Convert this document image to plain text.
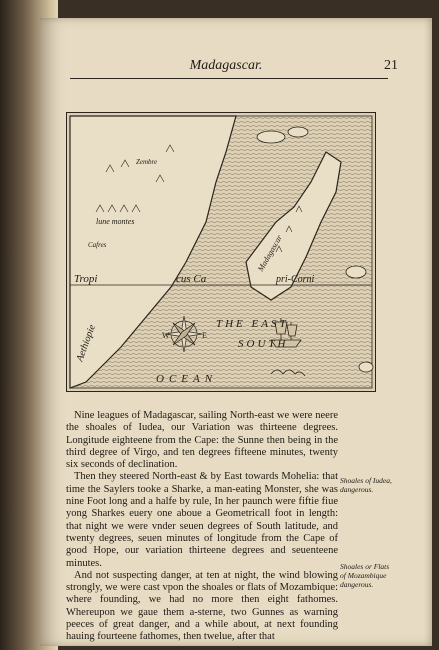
Madagascar.	21
lune montes
Zembre
Cafres
Tropi	cus Ca	pri-Corni
Madagascar
Aethiopie	W	E
THE EAST
SOUTH
OCEAN

Nine leagues of Madagascar, sailing North-east we were neere the shoales of Iudea, our Variation was thirteene degrees. Longitude eighteene from the Cape: the Sunne then being in the third degree of Virgo, and ten degrees fifteene minutes, twenty six seconds of declination.

Then they steered North-east & by East towards Mohelia: that time the Saylers tooke a Sharke, a man-eating Monster, she was nine Foot long and a halfe by rule, In her paunch were fiftie fiue yong Sharkes euery one aboue a Geometricall foot in length: that night we were vnder seuen degrees of South latitude, and twenty degrees, seuen minutes of longitude from the Cape of good Hope, our variation thirteene degrees and seuenteene minutes.

And not suspecting danger, at ten at night, the wind blowing strongly, we were cast vpon the shoales or flats of Mozambique: where founding, we had no more then eight fathomes. Whereupon we gaue them a-sterne, two Gunnes as warning peeces of great danger, and a while about, at next founding hauing fourteene fathomes, then twelue, after that

Shoales of Iudea, dangerous.
Shoales or Flats of Mozambique dangerous.
